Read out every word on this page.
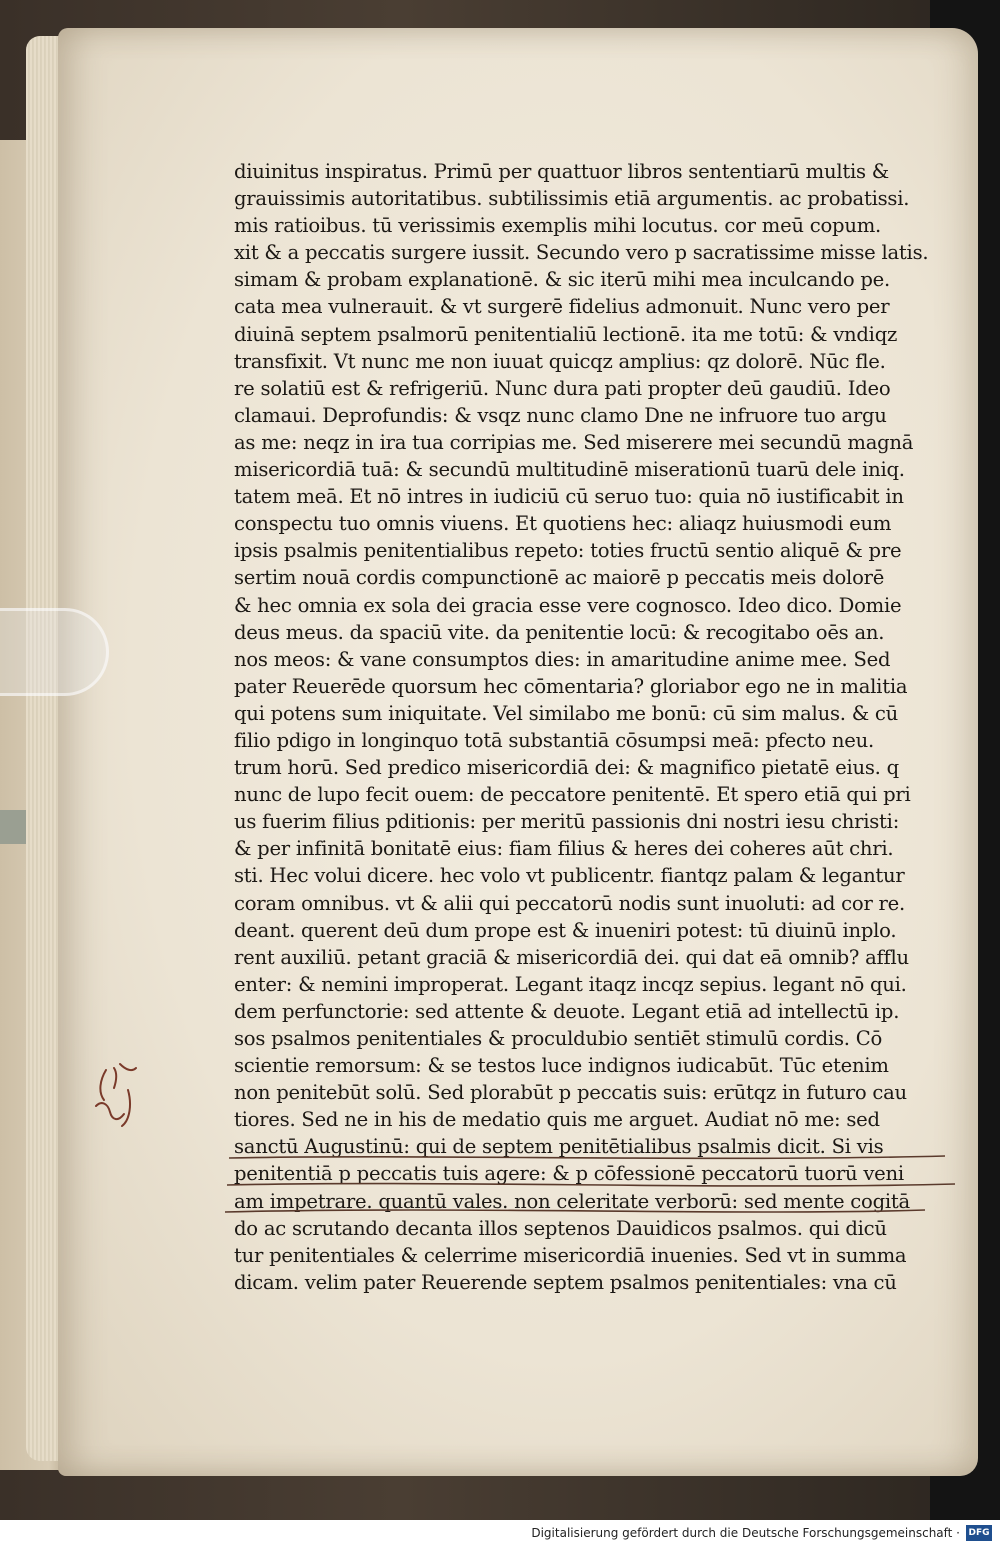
diuinitus inspiratus. Primū per quattuor libros sententiarū multis &
grauissimis autoritatibus. subtilissimis etiā argumentis. ac probatissi.
mis ratioibus. tū verissimis exemplis mihi locutus. cor meū copum.
xit & a peccatis surgere iussit. Secundo vero p sacratissime misse latis.
simam & probam explanationē. & sic iterū mihi mea inculcando pe.
cata mea vulnerauit. & vt surgerē fidelius admonuit. Nunc vero per
diuinā septem psalmorū penitentialiū lectionē. ita me totū: & vndiqz
transfixit. Vt nunc me non iuuat quicqz amplius: qz dolorē. Nūc fle.
re solatiū est & refrigeriū. Nunc dura pati propter deū gaudiū. Ideo
clamaui. Deprofundis: & vsqz nunc clamo Dne ne infruore tuo argu
as me: neqz in ira tua corripias me. Sed miserere mei secundū magnā
misericordiā tuā: & secundū multitudinē miserationū tuarū dele iniq.
tatem meā. Et nō intres in iudiciū cū seruo tuo: quia nō iustificabit in
conspectu tuo omnis viuens. Et quotiens hec: aliaqz huiusmodi eum
ipsis psalmis penitentialibus repeto: toties fructū sentio aliquē & pre
sertim nouā cordis compunctionē ac maiorē p peccatis meis dolorē
& hec omnia ex sola dei gracia esse vere cognosco. Ideo dico. Domie
deus meus. da spaciū vite. da penitentie locū: & recogitabo oēs an.
nos meos: & vane consumptos dies: in amaritudine anime mee. Sed
pater Reuerēde quorsum hec cōmentaria? gloriabor ego ne in malitia
qui potens sum iniquitate. Vel similabo me bonū: cū sim malus. & cū
filio pdigo in longinquo totā substantiā cōsumpsi meā: pfecto neu.
trum horū. Sed predico misericordiā dei: & magnifico pietatē eius. q
nunc de lupo fecit ouem: de peccatore penitentē. Et spero etiā qui pri
us fuerim filius pditionis: per meritū passionis dni nostri iesu christi:
& per infinitā bonitatē eius: fiam filius & heres dei coheres aūt chri.
sti. Hec volui dicere. hec volo vt publicentr. fiantqz palam & legantur
coram omnibus. vt & alii qui peccatorū nodis sunt inuoluti: ad cor re.
deant. querent deū dum prope est & inueniri potest: tū diuinū inplo.
rent auxiliū. petant graciā & misericordiā dei. qui dat eā omnib? afflu
enter: & nemini improperat. Legant itaqz incqz sepius. legant nō qui.
dem perfunctorie: sed attente & deuote. Legant etiā ad intellectū ip.
sos psalmos penitentiales & proculdubio sentiēt stimulū cordis. Cō
scientie remorsum: & se testos luce indignos iudicabūt. Tūc etenim
non penitebūt solū. Sed plorabūt p peccatis suis: erūtqz in futuro cau
tiores. Sed ne in his de medatio quis me arguet. Audiat nō me: sed
sanctū Augustinū: qui de septem penitētialibus psalmis dicit. Si vis
penitentiā p peccatis tuis agere: & p cōfessionē peccatorū tuorū veni
am impetrare. quantū vales. non celeritate verborū: sed mente cogitā
do ac scrutando decanta illos septenos Dauidicos psalmos. qui dicū
tur penitentiales & celerrime misericordiā inuenies. Sed vt in summa
dicam. velim pater Reuerende septem psalmos penitentiales: vna cū
Digitalisierung gefördert durch die Deutsche Forschungsgemeinschaft · DFG
